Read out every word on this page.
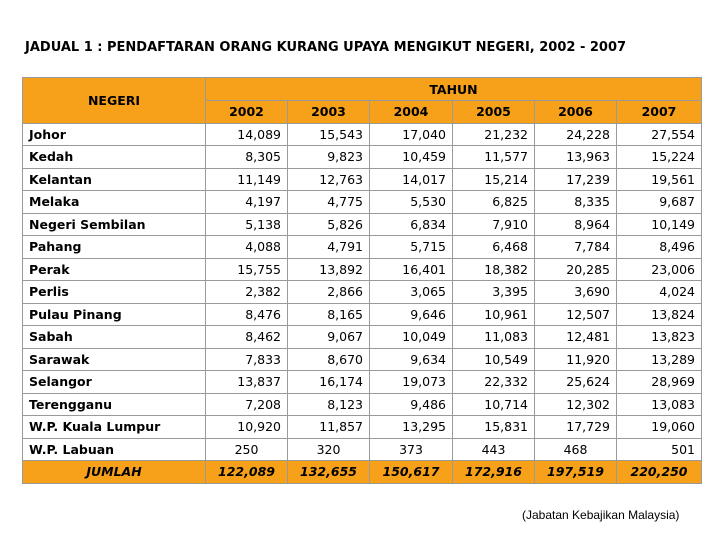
JADUAL 1 : PENDAFTARAN ORANG KURANG UPAYA MENGIKUT NEGERI, 2002 - 2007
NEGERI	TAHUN					
	2002	2003	2004	2005	2006	2007
Johor	14,089	15,543	17,040	21,232	24,228	27,554
Kedah	8,305	9,823	10,459	11,577	13,963	15,224
Kelantan	11,149	12,763	14,017	15,214	17,239	19,561
Melaka	4,197	4,775	5,530	6,825	8,335	9,687
Negeri Sembilan	5,138	5,826	6,834	7,910	8,964	10,149
Pahang	4,088	4,791	5,715	6,468	7,784	8,496
Perak	15,755	13,892	16,401	18,382	20,285	23,006
Perlis	2,382	2,866	3,065	3,395	3,690	4,024
Pulau Pinang	8,476	8,165	9,646	10,961	12,507	13,824
Sabah	8,462	9,067	10,049	11,083	12,481	13,823
Sarawak	7,833	8,670	9,634	10,549	11,920	13,289
Selangor	13,837	16,174	19,073	22,332	25,624	28,969
Terengganu	7,208	8,123	9,486	10,714	12,302	13,083
W.P. Kuala Lumpur	10,920	11,857	13,295	15,831	17,729	19,060
W.P. Labuan	250	320	373	443	468	501
JUMLAH	122,089	132,655	150,617	172,916	197,519	220,250
(Jabatan Kebajikan Malaysia)
